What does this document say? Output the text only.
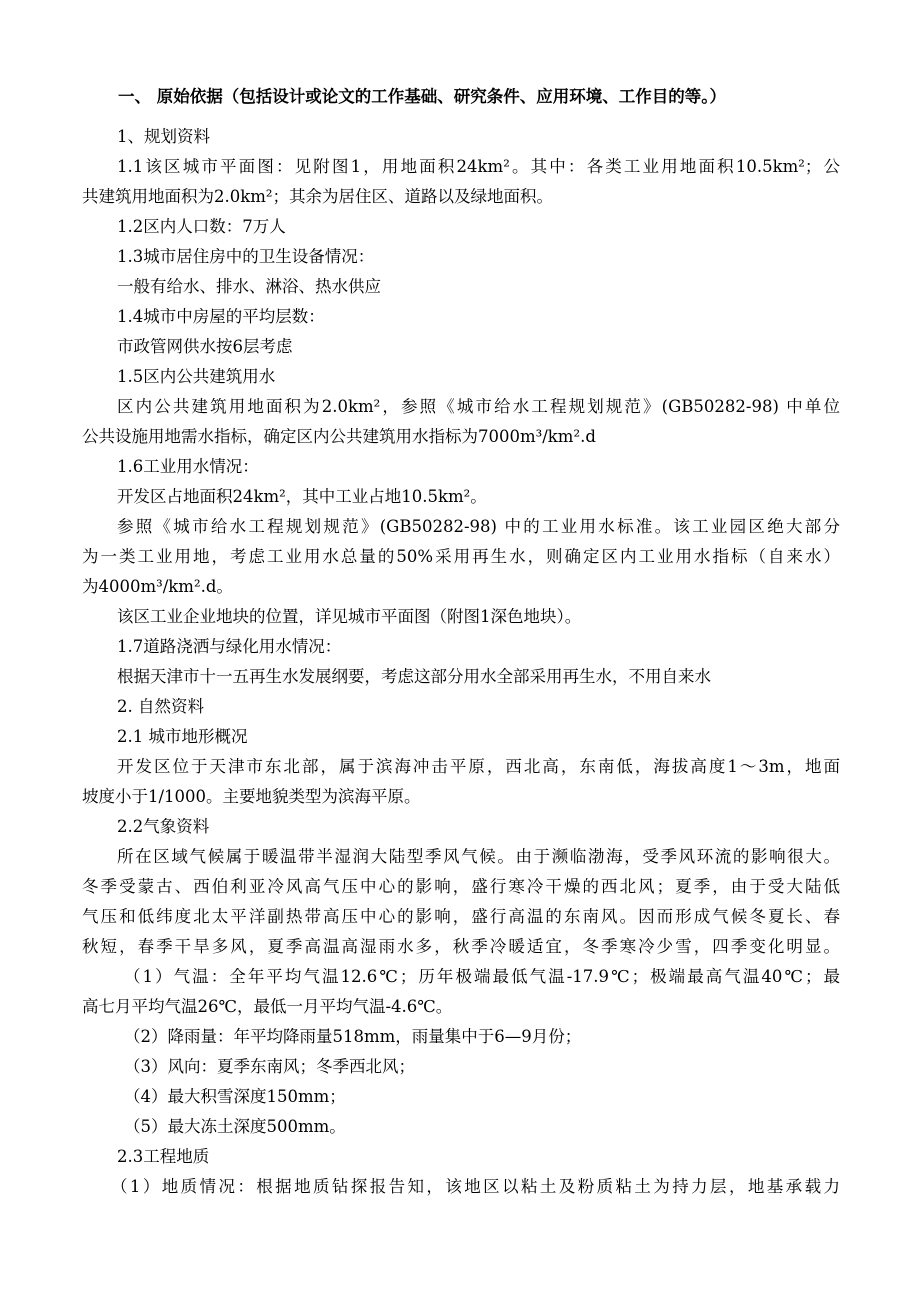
一、 原始依据（包括设计或论文的工作基础、研究条件、应用环境、工作目的等。）
1、规划资料
1.1该区城市平面图：见附图1，用地面积24km²。其中：各类工业用地面积10.5km²；公
共建筑用地面积为2.0km²；其余为居住区、道路以及绿地面积。
1.2区内人口数：7万人
1.3城市居住房中的卫生设备情况：
一般有给水、排水、淋浴、热水供应
1.4城市中房屋的平均层数：
市政管网供水按6层考虑
1.5区内公共建筑用水
区内公共建筑用地面积为2.0km²，参照《城市给水工程规划规范》(GB50282-98) 中单位
公共设施用地需水指标，确定区内公共建筑用水指标为7000m³/km².d
1.6工业用水情况：
开发区占地面积24km²，其中工业占地10.5km²。
参照《城市给水工程规划规范》(GB50282-98) 中的工业用水标准。该工业园区绝大部分
为一类工业用地，考虑工业用水总量的50%采用再生水，则确定区内工业用水指标（自来水）
为4000m³/km².d。
该区工业企业地块的位置，详见城市平面图（附图1深色地块）。
1.7道路浇洒与绿化用水情况：
根据天津市十一五再生水发展纲要，考虑这部分用水全部采用再生水，不用自来水
2. 自然资料
2.1 城市地形概况
开发区位于天津市东北部，属于滨海冲击平原，西北高，东南低，海拔高度1～3m，地面
坡度小于1/1000。主要地貌类型为滨海平原。
2.2气象资料
所在区域气候属于暖温带半湿润大陆型季风气候。由于濒临渤海，受季风环流的影响很大。
冬季受蒙古、西伯利亚冷风高气压中心的影响，盛行寒冷干燥的西北风；夏季，由于受大陆低
气压和低纬度北太平洋副热带高压中心的影响，盛行高温的东南风。因而形成气候冬夏长、春
秋短，春季干旱多风，夏季高温高湿雨水多，秋季冷暖适宜，冬季寒冷少雪，四季变化明显。
（1）气温：全年平均气温12.6℃；历年极端最低气温-17.9℃；极端最高气温40℃；最
高七月平均气温26℃，最低一月平均气温-4.6℃。
（2）降雨量：年平均降雨量518mm，雨量集中于6—9月份；
（3）风向：夏季东南风；冬季西北风；
（4）最大积雪深度150mm；
（5）最大冻土深度500mm。
2.3工程地质
（1）地质情况：根据地质钻探报告知，该地区以粘土及粉质粘土为持力层，地基承载力
